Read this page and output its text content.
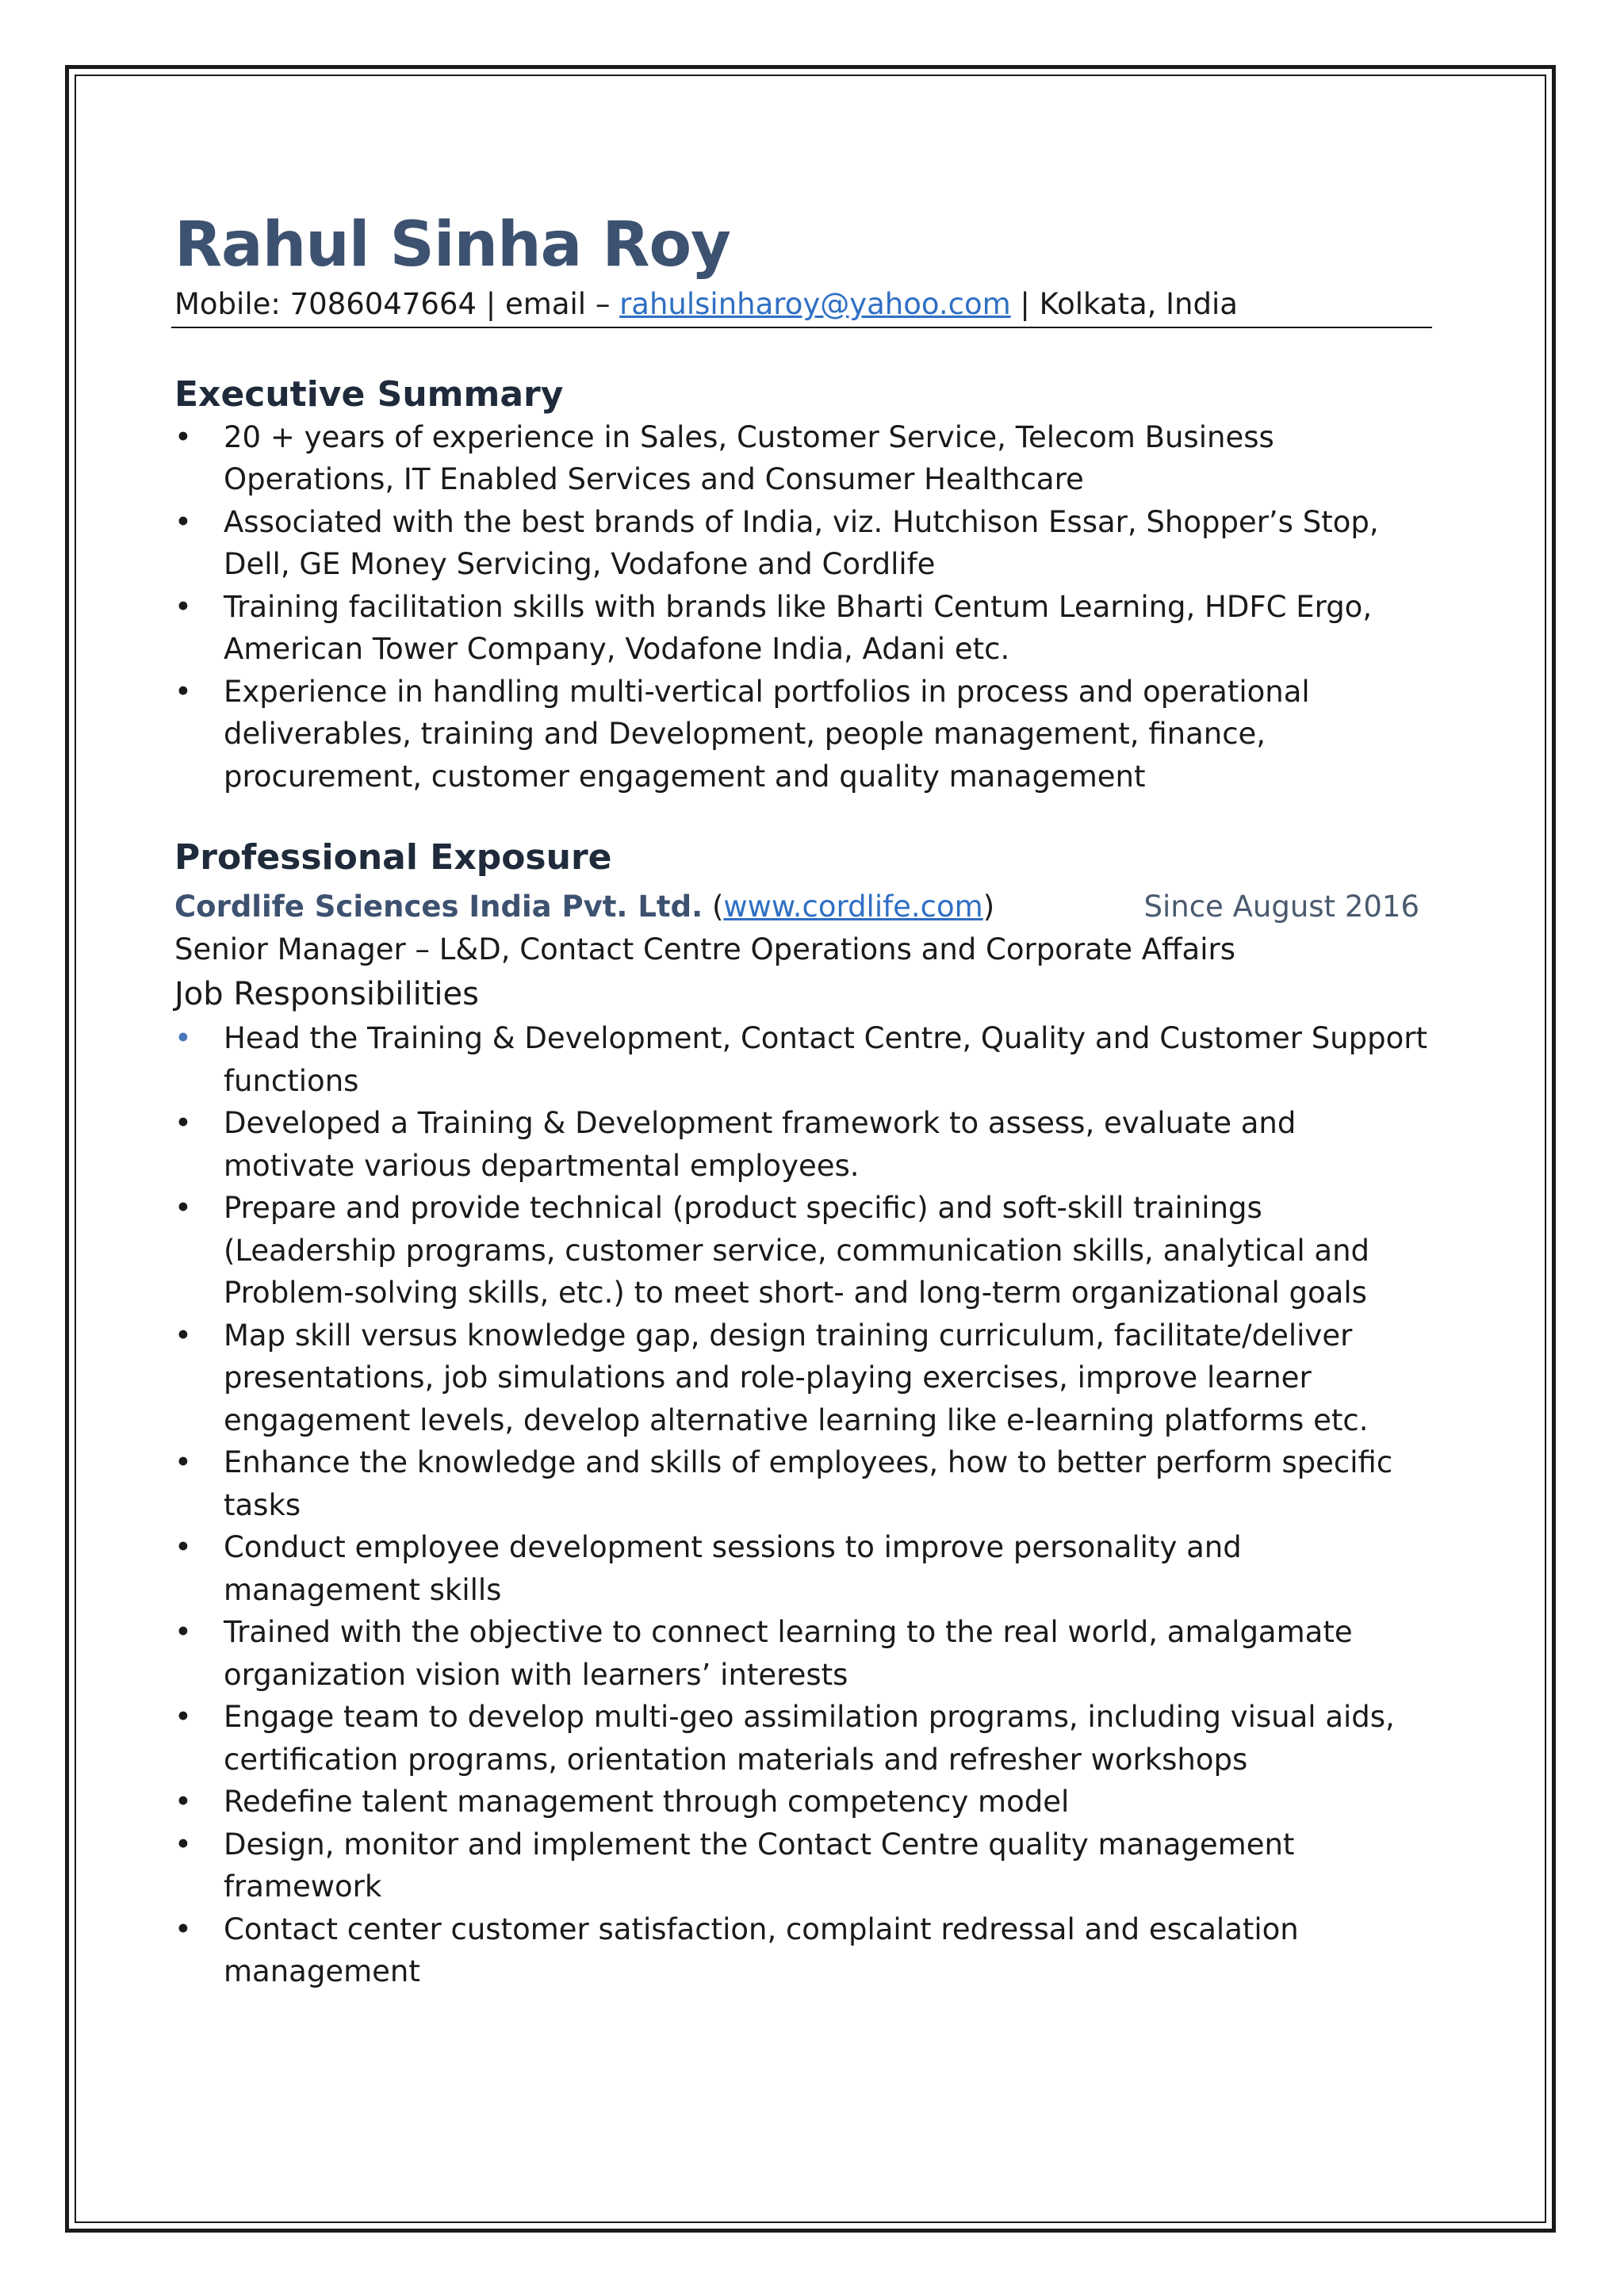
Rahul Sinha Roy
Mobile: 7086047664 | email – rahulsinharoy@yahoo.com | Kolkata, India
Executive Summary
• 20 + years of experience in Sales, Customer Service, Telecom Business Operations, IT Enabled Services and Consumer Healthcare
• Associated with the best brands of India, viz. Hutchison Essar, Shopper’s Stop, Dell, GE Money Servicing, Vodafone and Cordlife
• Training facilitation skills with brands like Bharti Centum Learning, HDFC Ergo, American Tower Company, Vodafone India, Adani etc.
• Experience in handling multi-vertical portfolios in process and operational deliverables, training and Development, people management, finance, procurement, customer engagement and quality management
Professional Exposure
Cordlife Sciences India Pvt. Ltd. (www.cordlife.com)	Since August 2016
Senior Manager – L&D, Contact Centre Operations and Corporate Affairs
Job Responsibilities
• Head the Training & Development, Contact Centre, Quality and Customer Support functions
• Developed a Training & Development framework to assess, evaluate and motivate various departmental employees.
• Prepare and provide technical (product specific) and soft-skill trainings (Leadership programs, customer service, communication skills, analytical and Problem-solving skills, etc.) to meet short- and long-term organizational goals
• Map skill versus knowledge gap, design training curriculum, facilitate/deliver presentations, job simulations and role-playing exercises, improve learner engagement levels, develop alternative learning like e-learning platforms etc.
• Enhance the knowledge and skills of employees, how to better perform specific tasks
• Conduct employee development sessions to improve personality and management skills
• Trained with the objective to connect learning to the real world, amalgamate organization vision with learners’ interests
• Engage team to develop multi-geo assimilation programs, including visual aids, certification programs, orientation materials and refresher workshops
• Redefine talent management through competency model
• Design, monitor and implement the Contact Centre quality management framework
• Contact center customer satisfaction, complaint redressal and escalation management
